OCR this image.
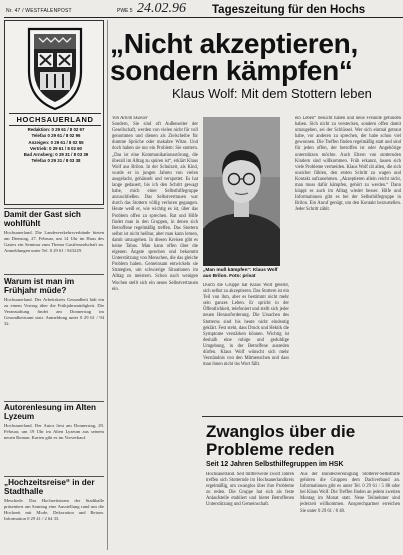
Nr. 47 / WESTFALENPOST	PWE 5 24.02.96 Tageszeitung für den Hochs
HOCHSAUERLAND
Redaktion: 0 29 61 / 8 02 97
Telefax 0 29 61 / 8 02 96
Anzeigen: 0 29 61 / 8 02 55
Vertrieb: 0 29 61 / 8 02 60
Bad Arnsberg: 0 29 31 / 8 03 39
Telefax 0 29 31 / 8 03 38
Damit der Gast sich wohlfühlt
Hochsauerland. Die Landesverkehrsverbände bieten am Dienstag, 27. Februar, um 14 Uhr im Haus des Gastes ein Seminar zum Thema Gastfreundschaft an. Anmeldungen unter Tel. 0 29 61 / 943229.
Warum ist man im Frühjahr müde?
Hochsauerland. Der Arbeitskreis Gesundheit lädt ein zu einem Vortrag über die Frühjahrsmüdigkeit. Die Veranstaltung findet am Donnerstag im Gesundheitsamt statt. Anmeldung unter 0 29 61 / 94 32.
Autorenlesung im Alten Lyzeum
Hochsauerland. Der Autor liest am Donnerstag, 29. Februar, um 19 Uhr im Alten Lyzeum aus seinem neuen Roman. Karten gibt es im Vorverkauf.
„Hochzeitsreise“ in der Stadthalle
Meschede. Das Hochzeitsteam der Stadthalle präsentiert am Sonntag eine Ausstellung rund um die Hochzeit mit Mode, Dekoration und Reisen. Information 0 29 41 / 2 64 33.
„Nicht akzeptieren,
sondern kämpfen“
Klaus Wolf: Mit dem Stottern leben
Von Achim Skoeser
Sondern, Sie sind oft Außenseiter der Gesellschaft, werden von vielen nicht für voll genommen und dienen als Zielscheibe für dumme Sprüche oder makabre Witze. Und doch haben sie nur ein Problem: Sie stottern. „Das ist eine Kommunikationsstörung, die überall im Alltag zu spüren ist“, erklärt Klaus Wolf aus Brilon. In der Schulzeit, als Kind, wurde er in jungen Jahren von vielen ausgelacht, gehänselt und verspottet. Es hat lange gedauert, bis ich den Schritt gewagt habe, mich einer Selbsthilfegruppe anzuschließen. Das Selbstvertrauen war durch das Stottern völlig verloren gegangen. Heute weiß er, wie wichtig es ist, über das Problem offen zu sprechen. Rat und Hilfe findet man in den Gruppen, in denen sich Betroffene regelmäßig treffen. Das Stottern selbst ist nicht heilbar, aber man kann lernen, damit umzugehen. In diesen Kreisen gibt es keine Tabus. Man kann offen über die eigenen Ängste sprechen und bekommt Unterstützung von Menschen, die das gleiche Problem haben. Gemeinsam entwickeln sie Strategien, um schwierige Situationen im Alltag zu meistern. Schon nach wenigen Wochen stellt sich ein neues Selbstvertrauen ein.
„Man muß kämpfen“: Klaus Wolf aus Brilon. Foto: privat
Durch die Gruppe hat Klaus Wolf gelernt, sich selbst zu akzeptieren. Das Stottern ist ein Teil von ihm, aber es bestimmt nicht mehr sein ganzes Leben. Er spricht in der Öffentlichkeit, telefoniert und stellt sich jeder neuen Herausforderung. Die Ursachen des Stotterns sind bis heute nicht eindeutig geklärt. Fest steht, dass Druck und Hektik die Symptome verstärken können. Wichtig ist deshalb eine ruhige und geduldige Umgebung, in der Betroffene ausreden dürfen. Klaus Wolf wünscht sich mehr Verständnis von den Mitmenschen und dass man ihnen nicht ins Wort fällt.
ein Leben“ besucht haben und neue Freunde gefunden haben. Sich nicht zu verstecken, sondern offen damit umzugehen, sei der Schlüssel. Wer sich einmal getraut habe, vor anderen zu sprechen, der habe schon viel gewonnen. Die Treffen finden regelmäßig statt und sind für jeden offen, der betroffen ist oder Angehörige unterstützen möchte. Auch Eltern von stotternden Kindern sind willkommen. Früh erkannt, lassen sich viele Probleme vermeiden. Klaus Wolf rät allen, die sich unsicher fühlen, den ersten Schritt zu wagen und Kontakt aufzunehmen. „Akzeptieren allein reicht nicht, man muss dafür kämpfen, gehört zu werden.“ Dann klappt es auch im Alltag wieder besser. Hilfe und Informationen gibt es bei der Selbsthilfegruppe in Brilon. Ein Anruf genügt, um den Kontakt herzustellen. Jeder Schritt zählt.
Zwanglos über die Probleme reden
Seit 12 Jahren Selbsthilfegruppen im HSK
Hochsauerland. Seit mittlerweile zwölf Jahren treffen sich Stotternde im Hochsauerlandkreis regelmäßig, um zwanglos über ihre Probleme zu reden. Die Gruppe hat sich als feste Anlaufstelle etabliert und bietet Betroffenen Unterstützung und Gemeinschaft.
Aus der Bundesvereinigung Stotterer-Selbsthilfe gehören die Gruppen dem Dachverband an. Informationen gibt es unter Tel. 0 29 61 / 5 88 oder bei Klaus Wolf. Die Treffen finden an jedem zweiten Montag im Monat statt. Neue Teilnehmer sind jederzeit willkommen. Ansprechpartner erreichen Sie unter 0 29 61 / 8 48.
